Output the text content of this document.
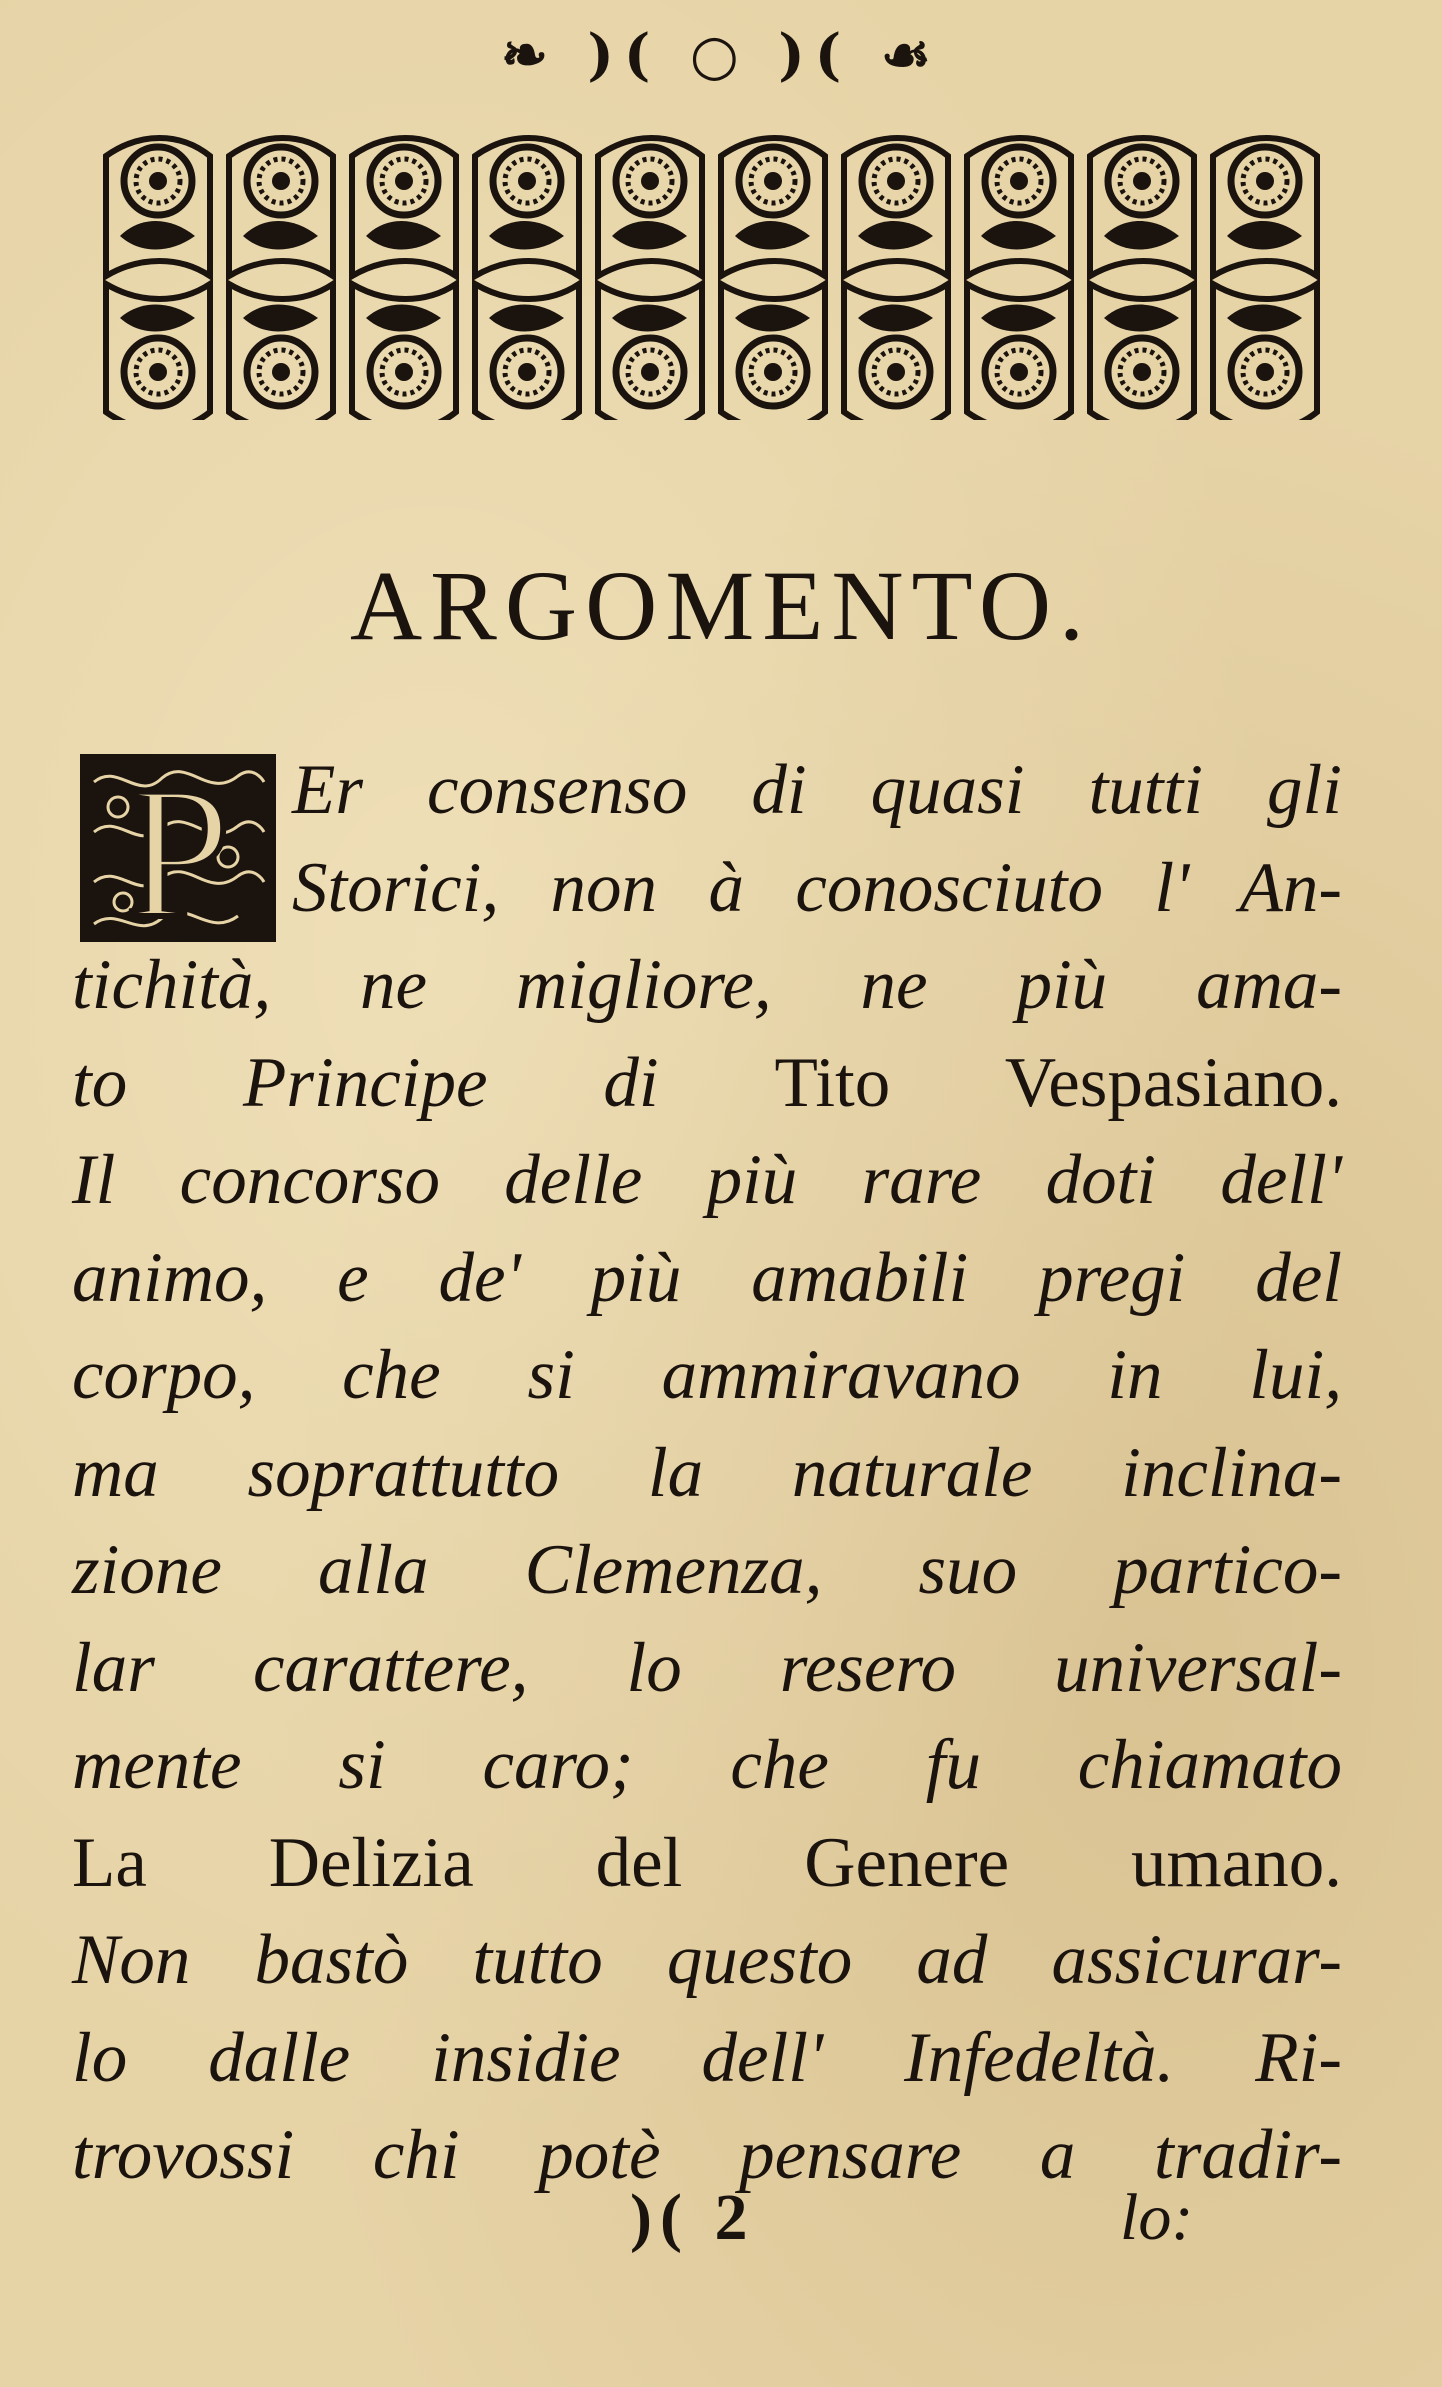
❧ )( ○ )( ☙
ARGOMENTO.
P Er consenso di quasi tutti gli
Storici, non à conosciuto l' An-
tichità, ne migliore, ne più ama-
to Principe di Tito Vespasiano.
Il concorso delle più rare doti dell'
animo, e de' più amabili pregi del
corpo, che si ammiravano in lui,
ma soprattutto la naturale inclina-
zione alla Clemenza, suo partico-
lar carattere, lo resero universal-
mente si caro; che fu chiamato
La Delizia del Genere umano.
Non bastò tutto questo ad assicurar-
lo dalle insidie dell' Infedeltà. Ri-
trovossi chi potè pensare a tradir-
)( 2	lo:
